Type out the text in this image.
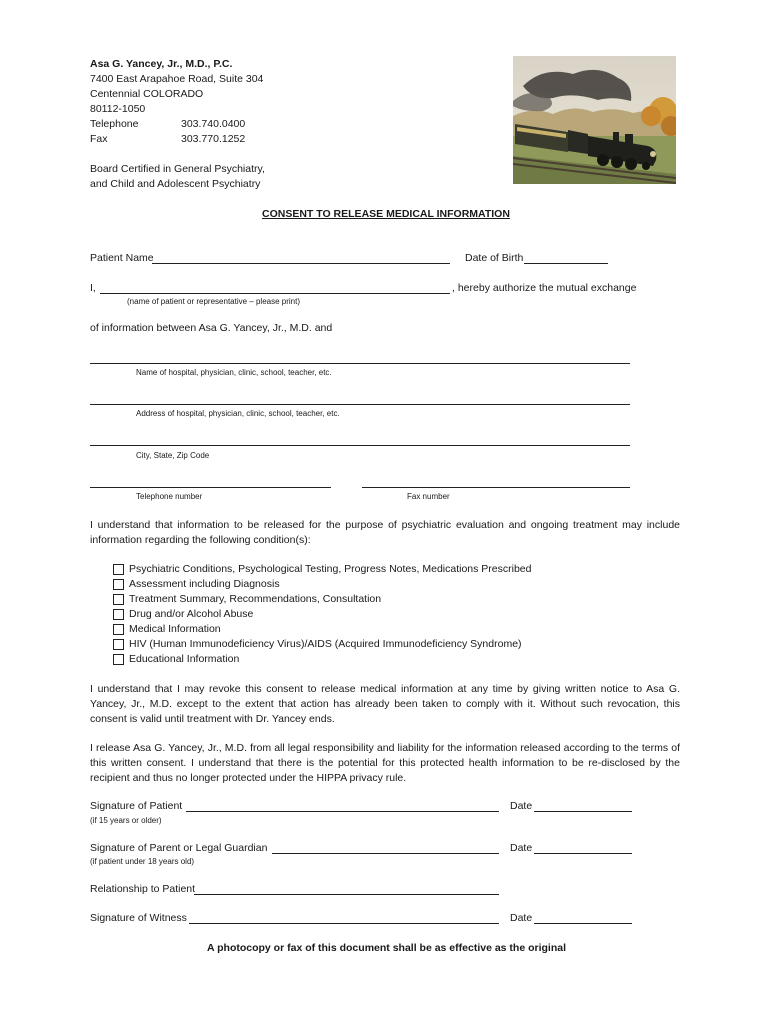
Asa G. Yancey, Jr., M.D., P.C.
7400 East Arapahoe Road, Suite 304
Centennial COLORADO
80112-1050
Telephone	303.740.0400
Fax	303.770.1252
Board Certified in General Psychiatry,
and Child and Adolescent Psychiatry
CONSENT TO RELEASE MEDICAL INFORMATION
Patient Name	Date of Birth
I,	, hereby authorize the mutual exchange
(name of patient or representative – please print)
of information between Asa G. Yancey, Jr., M.D. and
Name of hospital, physician, clinic, school, teacher, etc.
Address of hospital, physician, clinic, school, teacher, etc.
City, State, Zip Code
Telephone number	Fax number
I understand that information to be released for the purpose of psychiatric evaluation and ongoing treatment may include information regarding the following condition(s):
Psychiatric Conditions, Psychological Testing, Progress Notes, Medications Prescribed
Assessment including Diagnosis
Treatment Summary, Recommendations, Consultation
Drug and/or Alcohol Abuse
Medical Information
HIV (Human Immunodeficiency Virus)/AIDS (Acquired Immunodeficiency Syndrome)
Educational Information
I understand that I may revoke this consent to release medical information at any time by giving written notice to Asa G. Yancey, Jr., M.D. except to the extent that action has already been taken to comply with it. Without such revocation, this consent is valid until treatment with Dr. Yancey ends.
I release Asa G. Yancey, Jr., M.D. from all legal responsibility and liability for the information released according to the terms of this written consent. I understand that there is the potential for this protected health information to be re-disclosed by the recipient and thus no longer protected under the HIPPA privacy rule.
Signature of Patient	Date
(if 15 years or older)
Signature of Parent or Legal Guardian	Date
(if patient under 18 years old)
Relationship to Patient
Signature of Witness	Date
A photocopy or fax of this document shall be as effective as the original
